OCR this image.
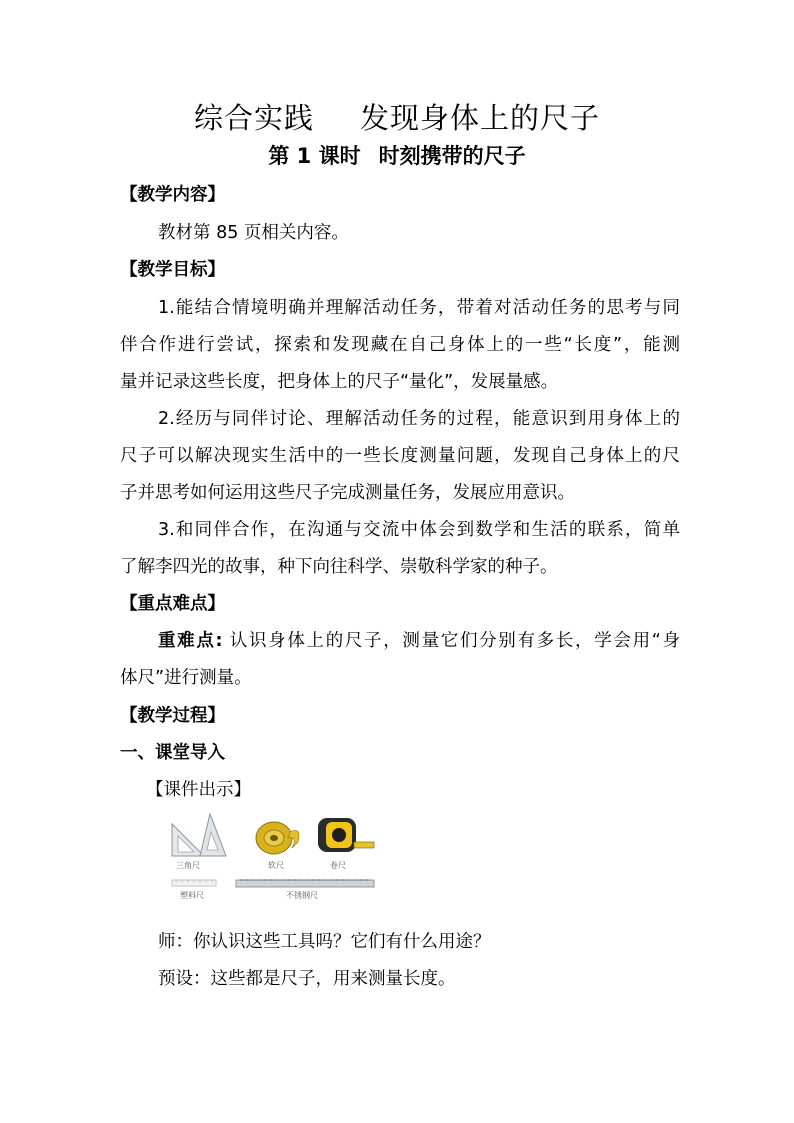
综合实践 发现身体上的尺子
第 1 课时 时刻携带的尺子
【教学内容】
教材第 85 页相关内容。
【教学目标】
1.能结合情境明确并理解活动任务，带着对活动任务的思考与同
伴合作进行尝试，探索和发现藏在自己身体上的一些“长度”，能测
量并记录这些长度，把身体上的尺子“量化”，发展量感。
2.经历与同伴讨论、理解活动任务的过程，能意识到用身体上的
尺子可以解决现实生活中的一些长度测量问题，发现自己身体上的尺
子并思考如何运用这些尺子完成测量任务，发展应用意识。
3.和同伴合作，在沟通与交流中体会到数学和生活的联系，简单
了解李四光的故事，种下向往科学、崇敬科学家的种子。
【重点难点】
重难点: 认识身体上的尺子，测量它们分别有多长，学会用“身
体尺”进行测量。
【教学过程】
一、课堂导入
【课件出示】
三角尺	软尺	卷尺
塑料尺	不锈钢尺
师：你认识这些工具吗？它们有什么用途？
预设：这些都是尺子，用来测量长度。
